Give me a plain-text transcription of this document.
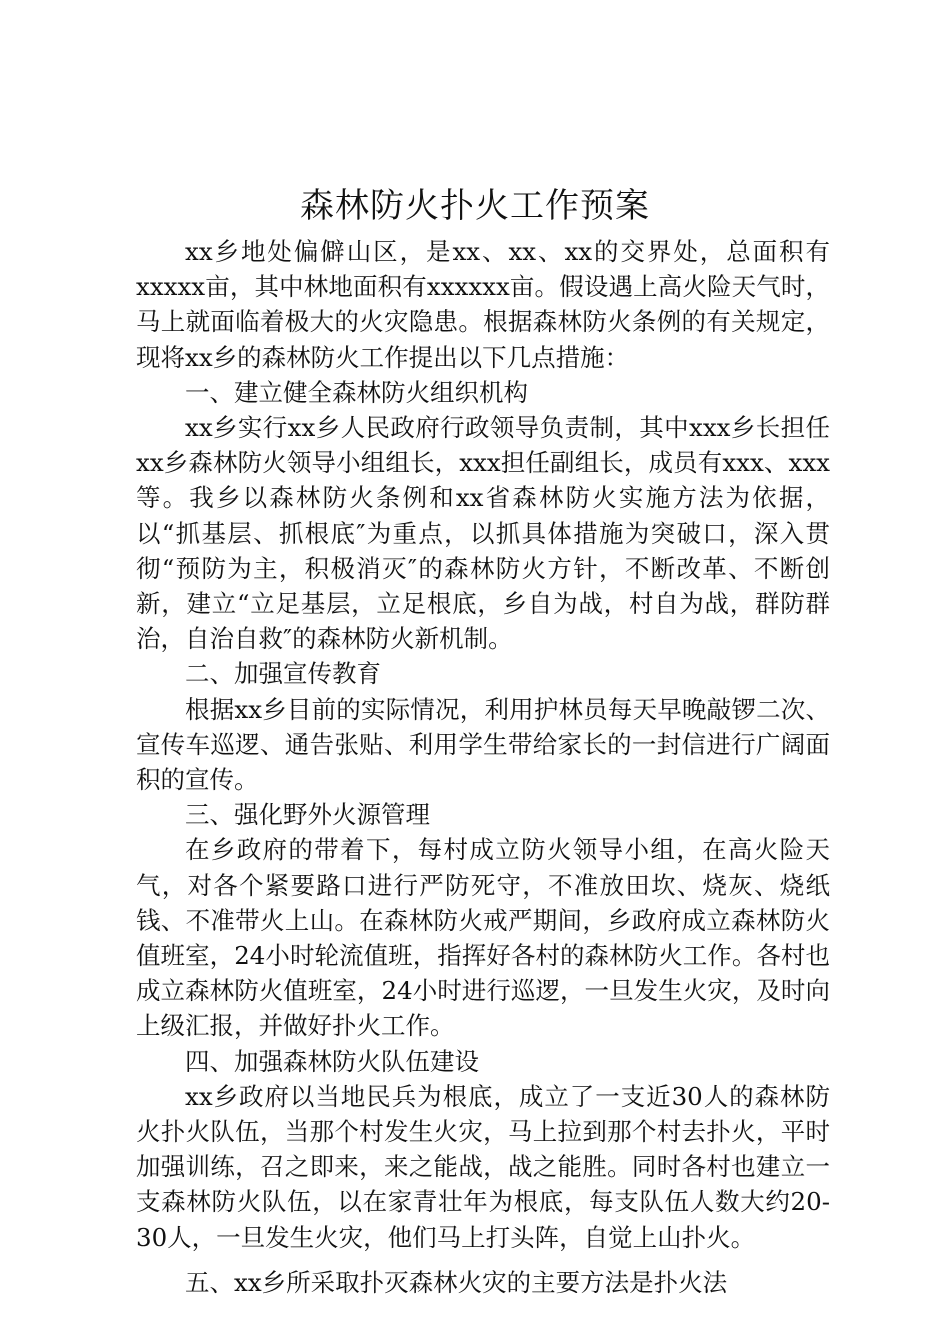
森林防火扑火工作预案

xx乡地处偏僻山区，是xx、xx、xx的交界处，总面积有xxxxx亩，其中林地面积有xxxxxx亩。假设遇上高火险天气时，马上就面临着极大的火灾隐患。根据森林防火条例的有关规定，现将xx乡的森林防火工作提出以下几点措施：

一、建立健全森林防火组织机构

xx乡实行xx乡人民政府行政领导负责制，其中xxx乡长担任xx乡森林防火领导小组组长，xxx担任副组长，成员有xxx、xxx等。我乡以森林防火条例和xx省森林防火实施方法为依据，以“抓基层、抓根底″为重点，以抓具体措施为突破口，深入贯彻“预防为主，积极消灭″的森林防火方针，不断改革、不断创新，建立“立足基层，立足根底，乡自为战，村自为战，群防群治，自治自救″的森林防火新机制。

二、加强宣传教育

根据xx乡目前的实际情况，利用护林员每天早晚敲锣二次、宣传车巡逻、通告张贴、利用学生带给家长的一封信进行广阔面积的宣传。

三、强化野外火源管理

在乡政府的带着下，每村成立防火领导小组，在高火险天气，对各个紧要路口进行严防死守，不准放田坎、烧灰、烧纸钱、不准带火上山。在森林防火戒严期间，乡政府成立森林防火值班室，24小时轮流值班，指挥好各村的森林防火工作。各村也成立森林防火值班室，24小时进行巡逻，一旦发生火灾，及时向上级汇报，并做好扑火工作。

四、加强森林防火队伍建设

xx乡政府以当地民兵为根底，成立了一支近30人的森林防火扑火队伍，当那个村发生火灾，马上拉到那个村去扑火，平时加强训练，召之即来，来之能战，战之能胜。同时各村也建立一支森林防火队伍，以在家青壮年为根底，每支队伍人数大约20-30人，一旦发生火灾，他们马上打头阵，自觉上山扑火。

五、xx乡所采取扑灭森林火灾的主要方法是扑火法
